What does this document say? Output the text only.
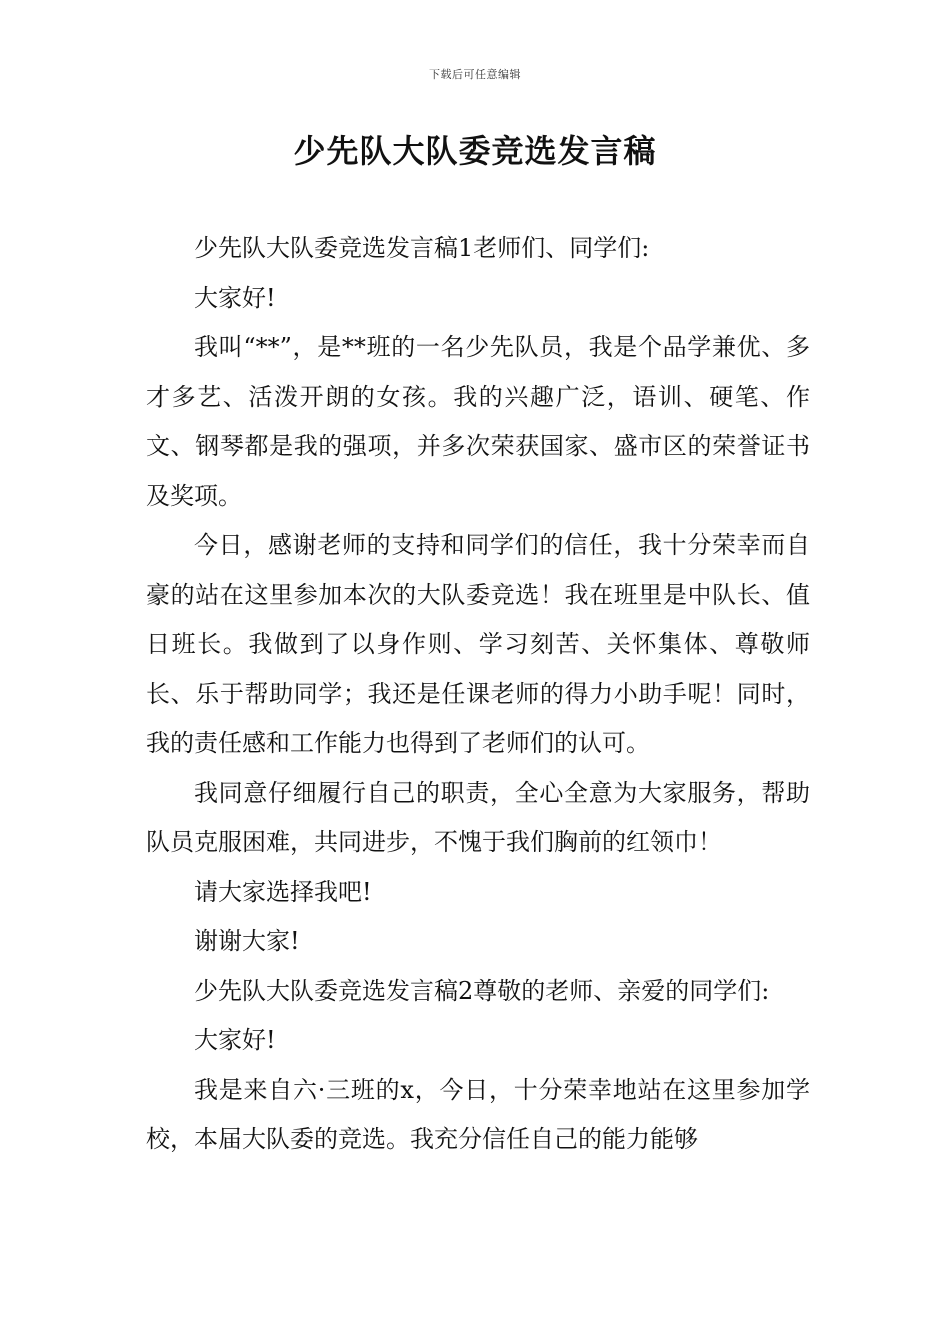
下载后可任意编辑
少先队大队委竞选发言稿

少先队大队委竞选发言稿1老师们、同学们:

大家好!

我叫“**”，是**班的一名少先队员，我是个品学兼优、多才多艺、活泼开朗的女孩。我的兴趣广泛，语训、硬笔、作文、钢琴都是我的强项，并多次荣获国家、盛市区的荣誉证书及奖项。

今日，感谢老师的支持和同学们的信任，我十分荣幸而自豪的站在这里参加本次的大队委竞选！我在班里是中队长、值日班长。我做到了以身作则、学习刻苦、关怀集体、尊敬师长、乐于帮助同学；我还是任课老师的得力小助手呢！同时，我的责任感和工作能力也得到了老师们的认可。

我同意仔细履行自己的职责，全心全意为大家服务，帮助队员克服困难，共同进步，不愧于我们胸前的红领巾！

请大家选择我吧!

谢谢大家!

少先队大队委竞选发言稿2尊敬的老师、亲爱的同学们:

大家好!

我是来自六·三班的x，今日，十分荣幸地站在这里参加学校，本届大队委的竞选。我充分信任自己的能力能够
